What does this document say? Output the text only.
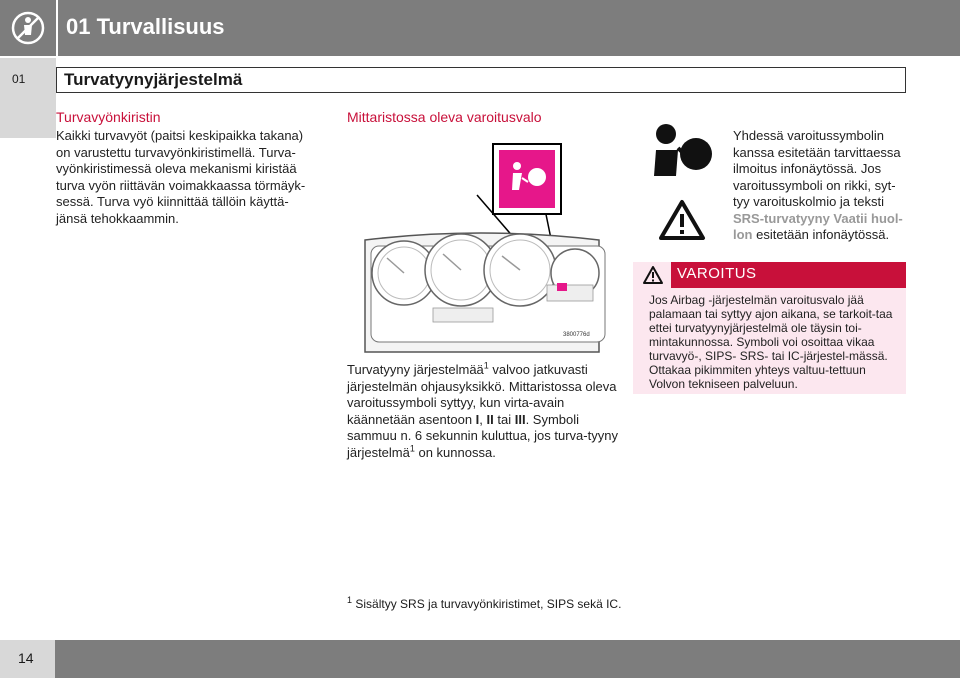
01 Turvallisuus
01 Turvatyynyjärjestelmä
Turvavyönkiristin
Kaikki turvavyöt (paitsi keskipaikka takana)
on varustettu turvavyönkiristimellä. Turva-
vyönkiristimessä oleva mekanismi kiristää
turva vyön riittävän voimakkaassa törmäyk-
sessä. Turva vyö kiinnittää tällöin käyttä-
jänsä tehokkaammin.
Mittaristossa oleva varoitusvalo
3800776d
Turvatyyny järjestelmää$^1$ valvoo jatkuvasti järjestelmän ohjausyksikkö. Mittaristossa oleva varoitussymboli syttyy, kun virta-avain käännetään asentoon I, II tai III. Symboli sammuu n. 6 sekunnin kuluttua, jos turva-tyyny järjestelmä$^1$ on kunnossa.
Yhdessä varoitussymbolin kanssa esitetään tarvittaessa ilmoitus infonäytössä. Jos varoitussymboli on rikki, syt-tyy varoituskolmio ja teksti SRS-turvatyyny Vaatii huol-lon esitetään infonäytössä.
VAROITUS
Jos Airbag -järjestelmän varoitusvalo jää palamaan tai syttyy ajon aikana, se tarkoit-taa ettei turvatyynyjärjestelmä ole täysin toi-mintakunnossa. Symboli voi osoittaa vikaa turvavyö-, SIPS- SRS- tai IC-järjestel-mässä. Ottakaa pikimmiten yhteys valtuu-tettuun Volvon tekniseen palveluun.
$^1$ Sisältyy SRS ja turvavyönkiristimet, SIPS sekä IC.
14
